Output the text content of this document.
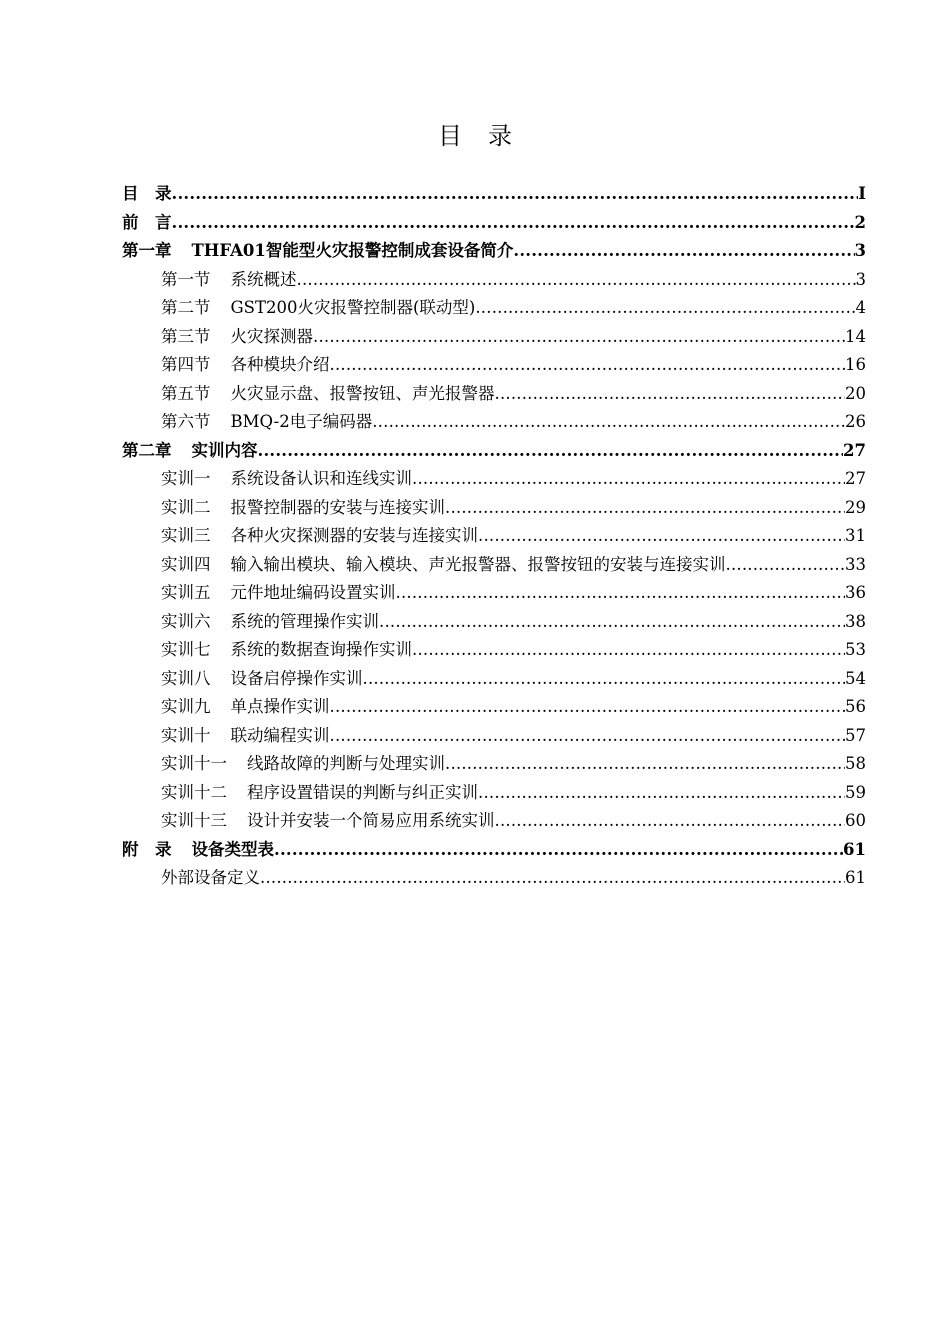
目录
目　录 .....	I
前　言 .....	2
第一章	THFA01智能型火灾报警控制成套设备简介 .....	3
第一节	系统概述 .....	3
第二节	GST200火灾报警控制器(联动型) .....	4
第三节	火灾探测器 .....	14
第四节	各种模块介绍 .....	16
第五节	火灾显示盘、报警按钮、声光报警器 .....	20
第六节	BMQ-2电子编码器 .....	26
第二章	实训内容 .....	27
实训一	系统设备认识和连线实训 .....	27
实训二	报警控制器的安装与连接实训 .....	29
实训三	各种火灾探测器的安装与连接实训 .....	31
实训四	输入输出模块、输入模块、声光报警器、报警按钮的安装与连接实训 .....	33
实训五	元件地址编码设置实训 .....	36
实训六	系统的管理操作实训 .....	38
实训七	系统的数据查询操作实训 .....	53
实训八	设备启停操作实训 .....	54
实训九	单点操作实训 .....	56
实训十	联动编程实训 .....	57
实训十一	线路故障的判断与处理实训 .....	58
实训十二	程序设置错误的判断与纠正实训 .....	59
实训十三	设计并安装一个简易应用系统实训 .....	60
附　录	设备类型表 .....	61
外部设备定义 .....	61
